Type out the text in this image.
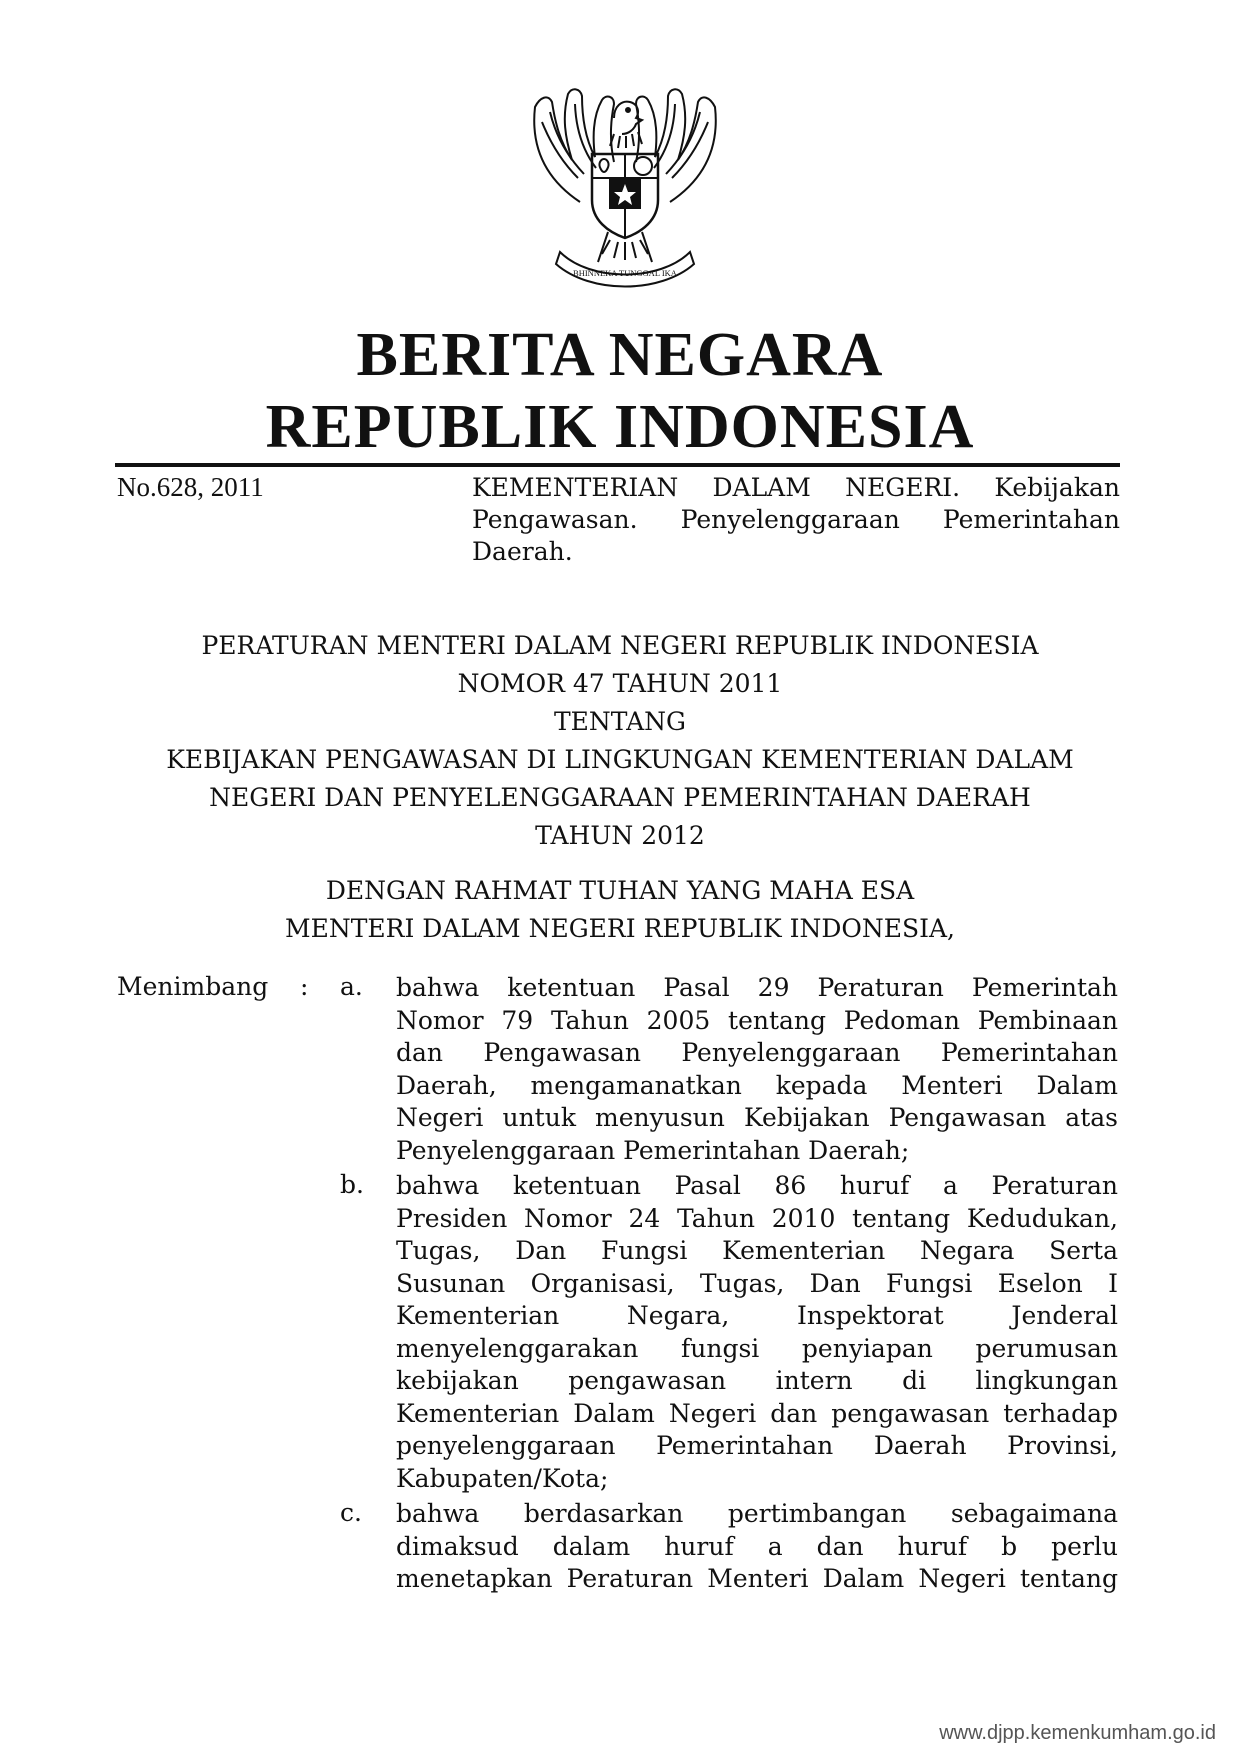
BHINNEKA TUNGGAL IKA
BERITA NEGARA
REPUBLIK INDONESIA
No.628, 2011	KEMENTERIAN DALAM NEGERI. Kebijakan
Pengawasan. Penyelenggaraan Pemerintahan
Daerah.
PERATURAN MENTERI DALAM NEGERI REPUBLIK INDONESIA
NOMOR 47 TAHUN 2011
TENTANG
KEBIJAKAN PENGAWASAN DI LINGKUNGAN KEMENTERIAN DALAM
NEGERI DAN PENYELENGGARAAN PEMERINTAHAN DAERAH
TAHUN 2012
DENGAN RAHMAT TUHAN YANG MAHA ESA
MENTERI DALAM NEGERI REPUBLIK INDONESIA,
Menimbang : a. bahwa ketentuan Pasal 29 Peraturan Pemerintah
Nomor 79 Tahun 2005 tentang Pedoman Pembinaan
dan Pengawasan Penyelenggaraan Pemerintahan
Daerah, mengamanatkan kepada Menteri Dalam
Negeri untuk menyusun Kebijakan Pengawasan atas
Penyelenggaraan Pemerintahan Daerah;
b. bahwa ketentuan Pasal 86 huruf a Peraturan
Presiden Nomor 24 Tahun 2010 tentang Kedudukan,
Tugas, Dan Fungsi Kementerian Negara Serta
Susunan Organisasi, Tugas, Dan Fungsi Eselon I
Kementerian Negara, Inspektorat Jenderal
menyelenggarakan fungsi penyiapan perumusan
kebijakan pengawasan intern di lingkungan
Kementerian Dalam Negeri dan pengawasan terhadap
penyelenggaraan Pemerintahan Daerah Provinsi,
Kabupaten/Kota;
c. bahwa berdasarkan pertimbangan sebagaimana
dimaksud dalam huruf a dan huruf b perlu
menetapkan Peraturan Menteri Dalam Negeri tentang
www.djpp.kemenkumham.go.id
